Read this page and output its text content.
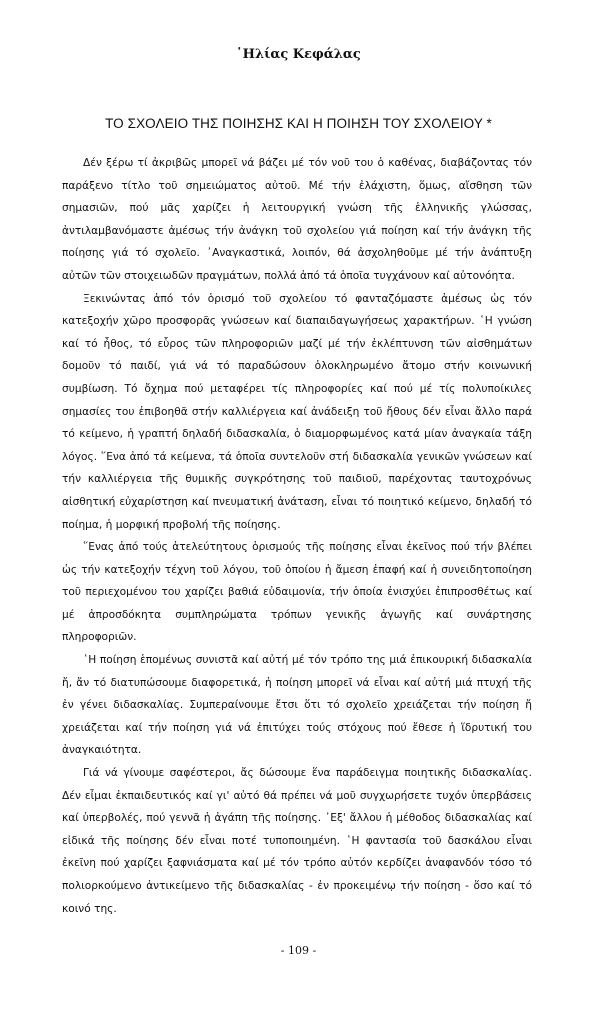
῾Ηλίας Κεφάλας
ΤΟ ΣΧΟΛΕΙΟ ΤΗΣ ΠΟΙΗΣΗΣ ΚΑΙ Η ΠΟΙΗΣΗ ΤΟΥ ΣΧΟΛΕΙΟΥ *

Δέν ξέρω τί ἀκριβῶς μπορεῖ νά βάζει μέ τόν νοῦ του ὁ καθένας, διαβάζοντας τόν παράξενο τίτλο τοῦ σημειώματος αὐτοῦ. Μέ τήν ἐλάχιστη, ὅμως, αἴσθηση τῶν σημασιῶν, πού μᾶς χαρίζει ἡ λειτουργική γνώση τῆς ἑλληνικῆς γλώσσας, ἀντιλαμβανόμαστε ἀμέσως τήν ἀνάγκη τοῦ σχολείου γιά ποίηση καί τήν ἀνάγκη τῆς ποίησης γιά τό σχολεῖο. ᾿Αναγκαστικά, λοιπόν, θά ἀσχοληθοῦμε μέ τήν ἀνάπτυξη αὐτῶν τῶν στοιχειωδῶν πραγμάτων, πολλά ἀπό τά ὁποῖα τυγχάνουν καί αὐτονόητα.

Ξεκινώντας ἀπό τόν ὁρισμό τοῦ σχολείου τό φανταζόμαστε ἀμέσως ὡς τόν κατεξοχήν χῶρο προσφορᾶς γνώσεων καί διαπαιδαγωγήσεως χαρακτήρων. ῾Η γνώση καί τό ἦθος, τό εὗρος τῶν πληροφοριῶν μαζί μέ τήν ἐκλέπτυνση τῶν αἰσθημάτων δομοῦν τό παιδί, γιά νά τό παραδώσουν ὁλοκληρωμένο ἄτομο στήν κοινωνική συμβίωση. Τό ὄχημα πού μεταφέρει τίς πληροφορίες καί πού μέ τίς πολυποίκιλες σημασίες του ἐπιβοηθᾶ στήν καλλιέργεια καί ἀνάδειξη τοῦ ἤθους δέν εἶναι ἄλλο παρά τό κείμενο, ἡ γραπτή δηλαδή διδασκαλία, ὁ διαμορφωμένος κατά μίαν ἀναγκαία τάξη λόγος. ῞Ενα ἀπό τά κείμενα, τά ὁποῖα συντελοῦν στή διδασκαλία γενικῶν γνώσεων καί τήν καλλιέργεια τῆς θυμικῆς συγκρότησης τοῦ παιδιοῦ, παρέχοντας ταυτοχρόνως αἰσθητική εὐχαρίστηση καί πνευματική ἀνάταση, εἶναι τό ποιητικό κείμενο, δηλαδή τό ποίημα, ἡ μορφική προβολή τῆς ποίησης.

῞Ενας ἀπό τούς ἀτελεύτητους ὁρισμούς τῆς ποίησης εἶναι ἐκεῖνος πού τήν βλέπει ὡς τήν κατεξοχήν τέχνη τοῦ λόγου, τοῦ ὁποίου ἡ ἄμεση ἐπαφή καί ἡ συνειδητοποίηση τοῦ περιεχομένου του χαρίζει βαθιά εὐδαιμονία, τήν ὁποία ἐνισχύει ἐπιπροσθέτως καί μέ ἀπροσδόκητα συμπληρώματα τρόπων γενικῆς ἀγωγῆς καί συνάρτησης πληροφοριῶν.

῾Η ποίηση ἑπομένως συνιστᾶ καί αὐτή μέ τόν τρόπο της μιά ἐπικουρική διδασκαλία ἤ, ἄν τό διατυπώσουμε διαφορετικά, ἡ ποίηση μπορεῖ νά εἶναι καί αὐτή μιά πτυχή τῆς ἐν γένει διδασκαλίας. Συμπεραίνουμε ἔτσι ὅτι τό σχολεῖο χρειάζεται τήν ποίηση ἤ χρειάζεται καί τήν ποίηση γιά νά ἐπιτύχει τούς στόχους πού ἔθεσε ἡ ἵδρυτική του ἀναγκαιότητα.

Γιά νά γίνουμε σαφέστεροι, ἄς δώσουμε ἕνα παράδειγμα ποιητικῆς διδασκαλίας. Δέν εἶμαι ἐκπαιδευτικός καί γι' αὐτό θά πρέπει νά μοῦ συγχωρήσετε τυχόν ὑπερβάσεις καί ὑπερβολές, πού γεννᾶ ἡ ἀγάπη τῆς ποίησης. ᾿Εξ' ἄλλου ἡ μέθοδος διδασκαλίας καί εἰδικά τῆς ποίησης δέν εἶναι ποτέ τυποποιημένη. ῾Η φαντασία τοῦ δασκάλου εἶναι ἐκεῖνη πού χαρίζει ξαφνιάσματα καί μέ τόν τρόπο αὐτόν κερδίζει ἀναφανδόν τόσο τό πολιορκούμενο ἀντικείμενο τῆς διδασκαλίας - ἐν προκειμένῳ τήν ποίηση - ὅσο καί τό κοινό της.

- 109 -
